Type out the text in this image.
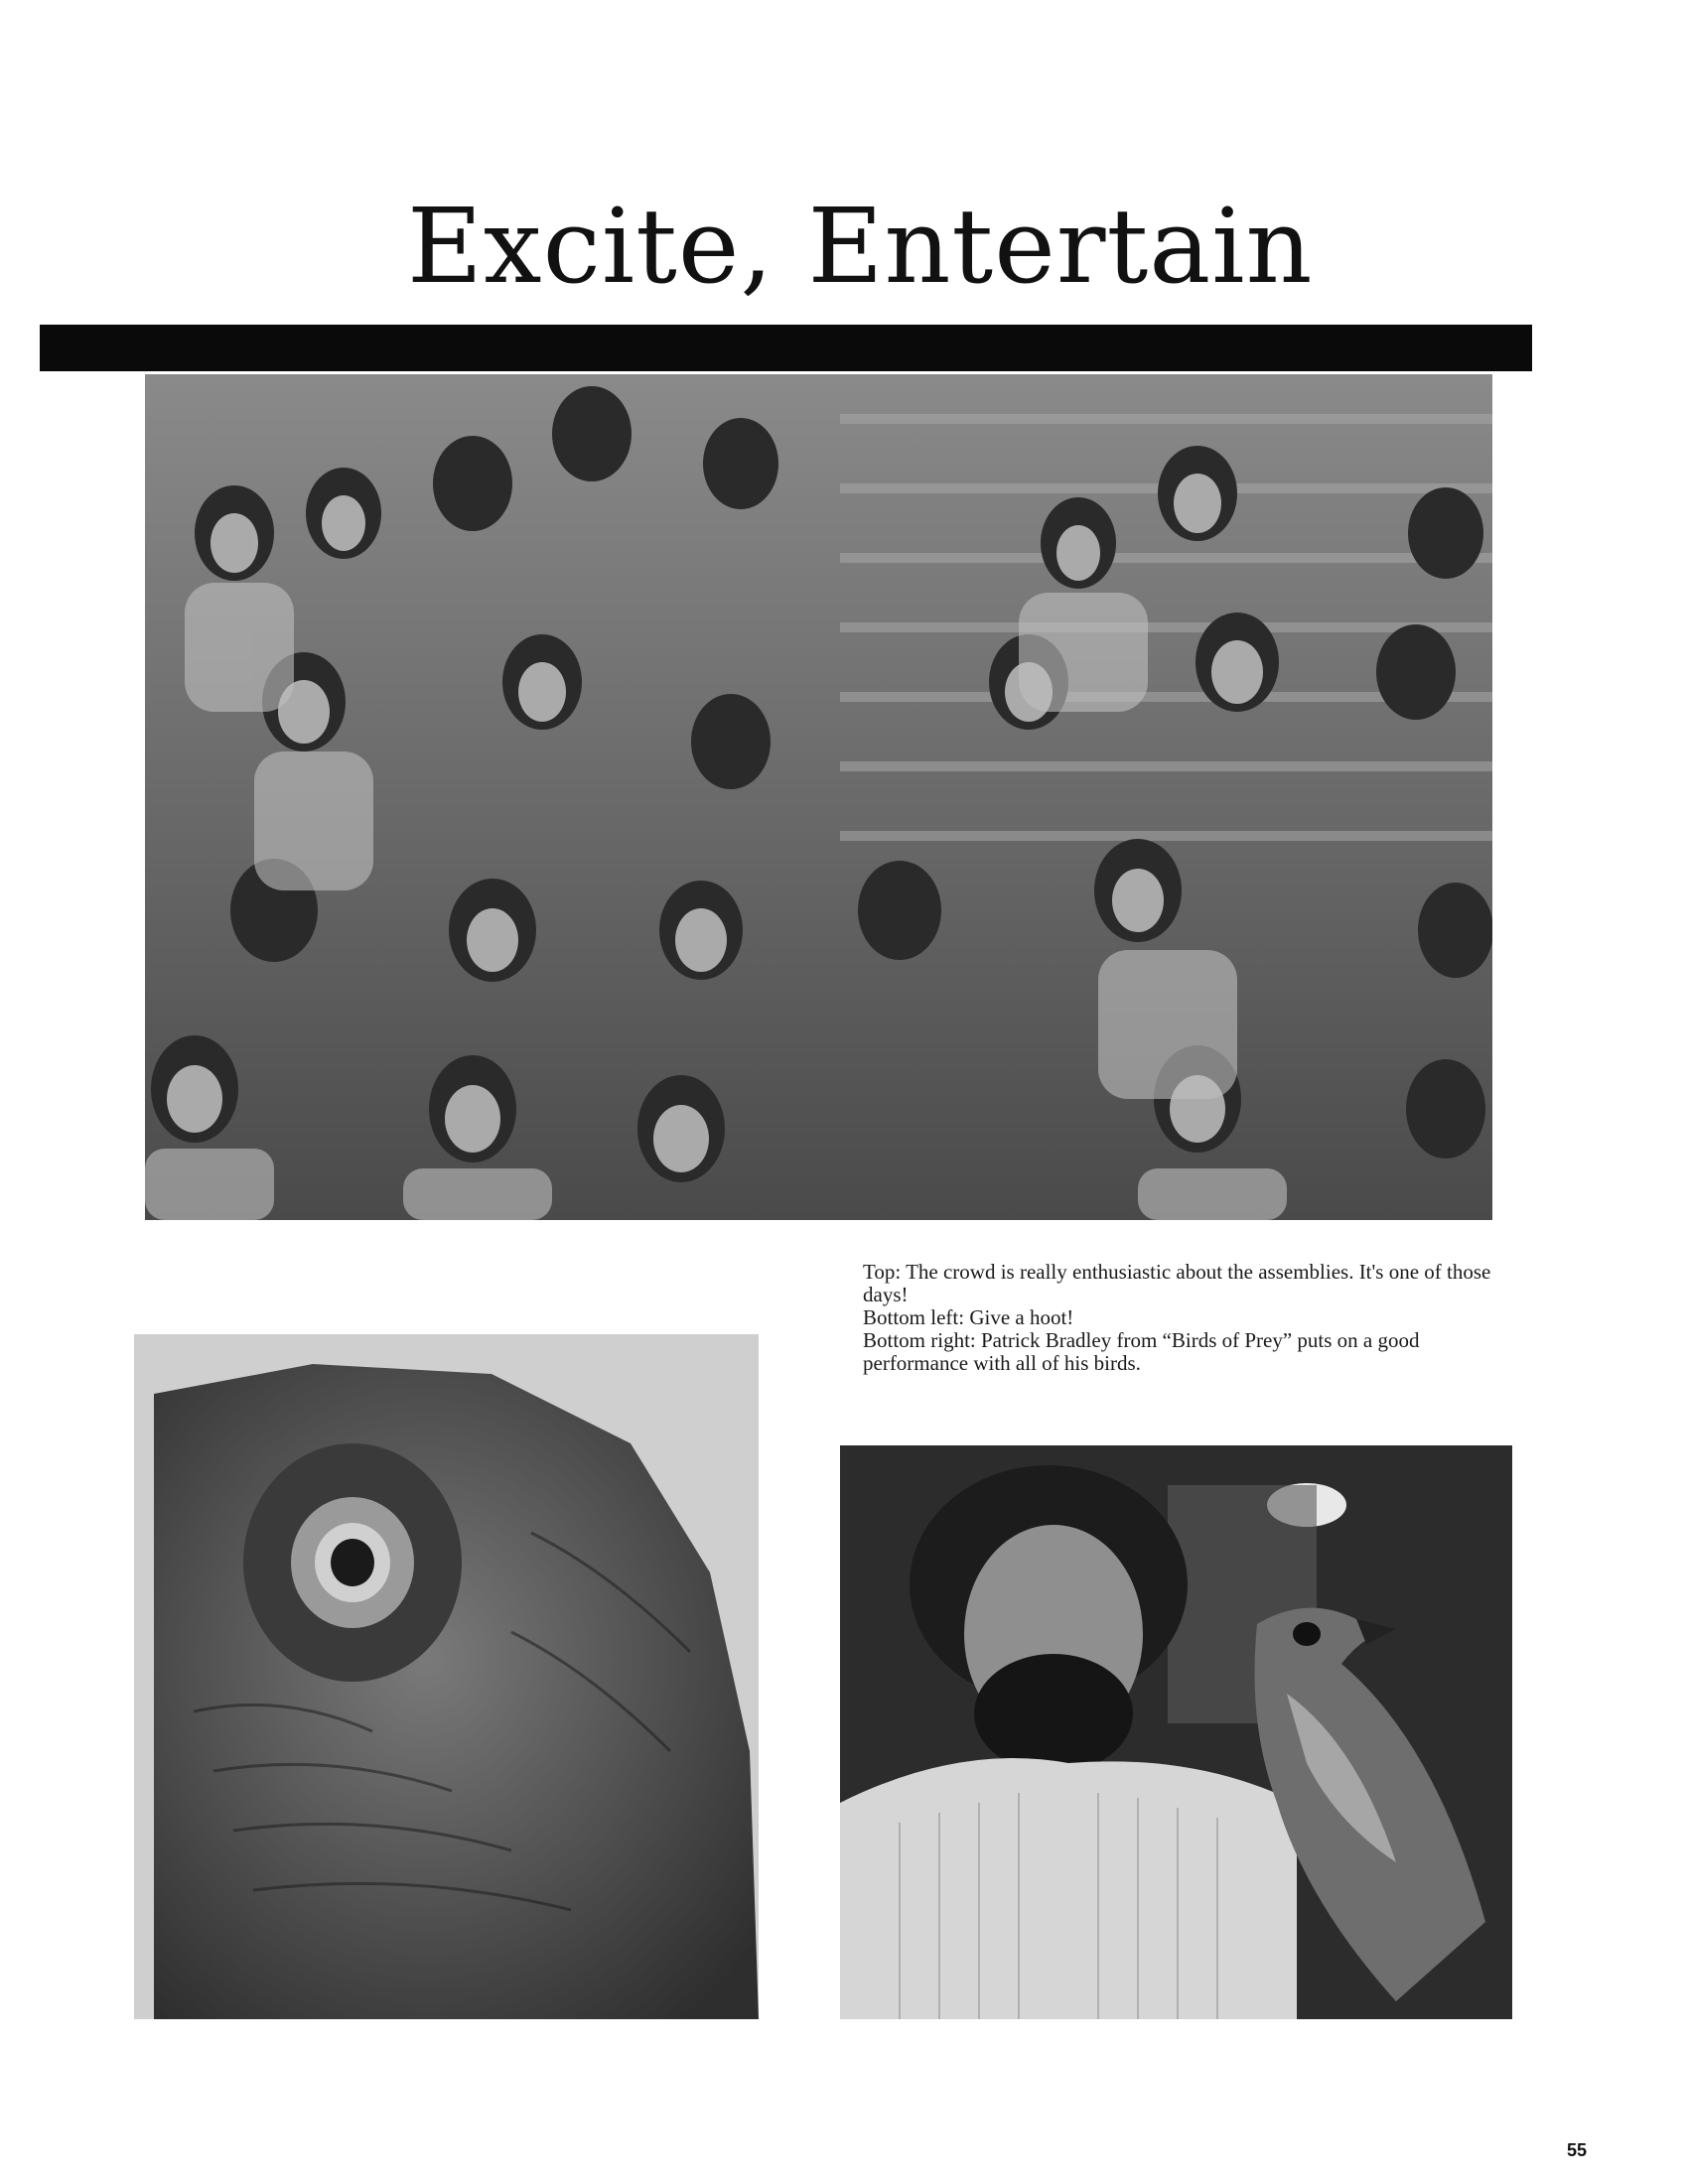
Excite, Entertain

Top: The crowd is really enthusiastic about the assemblies. It's one of those days!

Bottom left: Give a hoot!

Bottom right: Patrick Bradley from “Birds of Prey” puts on a good performance with all of his birds.

55
